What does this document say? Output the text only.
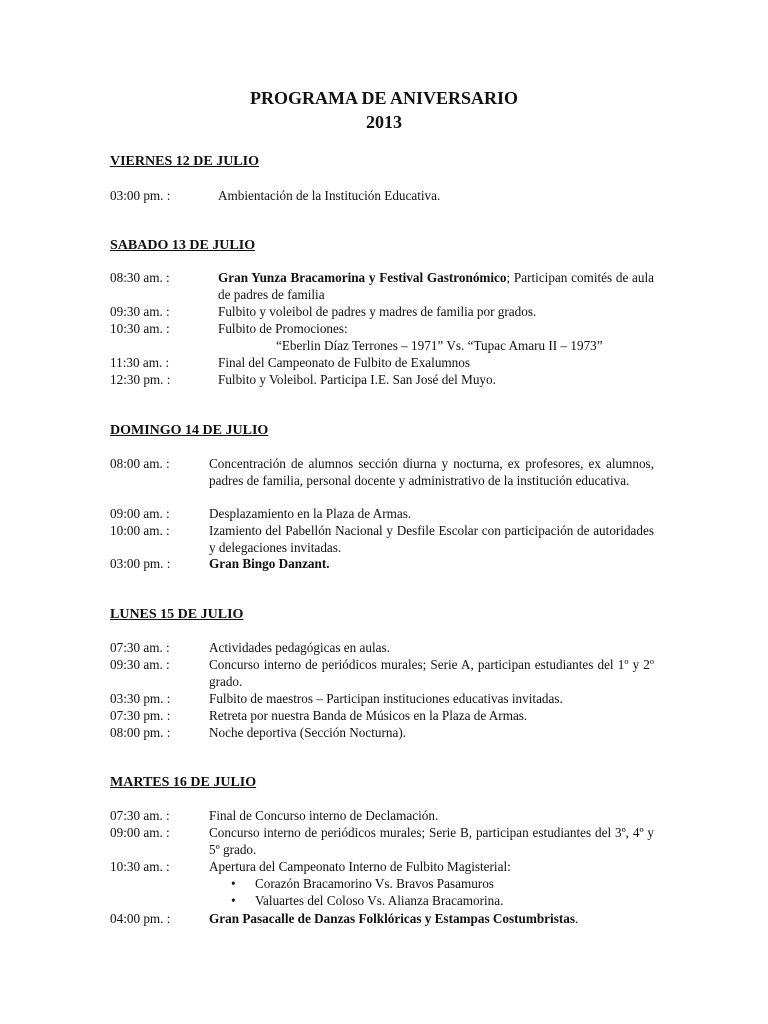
PROGRAMA DE ANIVERSARIO
2013
VIERNES 12 DE JULIO
03:00 pm. :	Ambientación de la Institución Educativa.
SABADO 13 DE JULIO
08:30 am. :	Gran Yunza Bracamorina y Festival Gastronómico; Participan comités de aula de padres de familia
09:30 am. :	Fulbito y voleibol de padres y madres de familia por grados.
10:30 am. :	Fulbito de Promociones:
“Eberlin Díaz Terrones – 1971” Vs. “Tupac Amaru II – 1973”
11:30 am. :	Final del Campeonato de Fulbito de Exalumnos
12:30 pm. :	Fulbito y Voleibol. Participa I.E. San José del Muyo.
DOMINGO 14 DE JULIO
08:00 am. :	Concentración de alumnos sección diurna y nocturna, ex profesores, ex alumnos, padres de familia, personal docente y administrativo de la institución educativa.
09:00 am. :	Desplazamiento en la Plaza de Armas.
10:00 am. :	Izamiento del Pabellón Nacional y Desfile Escolar con participación de autoridades y delegaciones invitadas.
03:00 pm. :	Gran Bingo Danzant.
LUNES 15 DE JULIO
07:30 am. :	Actividades pedagógicas en aulas.
09:30 am. :	Concurso interno de periódicos murales; Serie A, participan estudiantes del 1º y 2º grado.
03:30 pm. :	Fulbito de maestros – Participan instituciones educativas invitadas.
07:30 pm. :	Retreta por nuestra Banda de Músicos en la Plaza de Armas.
08:00 pm. :	Noche deportiva (Sección Nocturna).
MARTES 16 DE JULIO
07:30 am. :	Final de Concurso interno de Declamación.
09:00 am. :	Concurso interno de periódicos murales; Serie B, participan estudiantes del 3º, 4º y 5º grado.
10:30 am. :	Apertura del Campeonato Interno de Fulbito Magisterial:
• Corazón Bracamorino Vs. Bravos Pasamuros
• Valuartes del Coloso Vs. Alianza Bracamorina.
04:00 pm. :	Gran Pasacalle de Danzas Folklóricas y Estampas Costumbristas.
